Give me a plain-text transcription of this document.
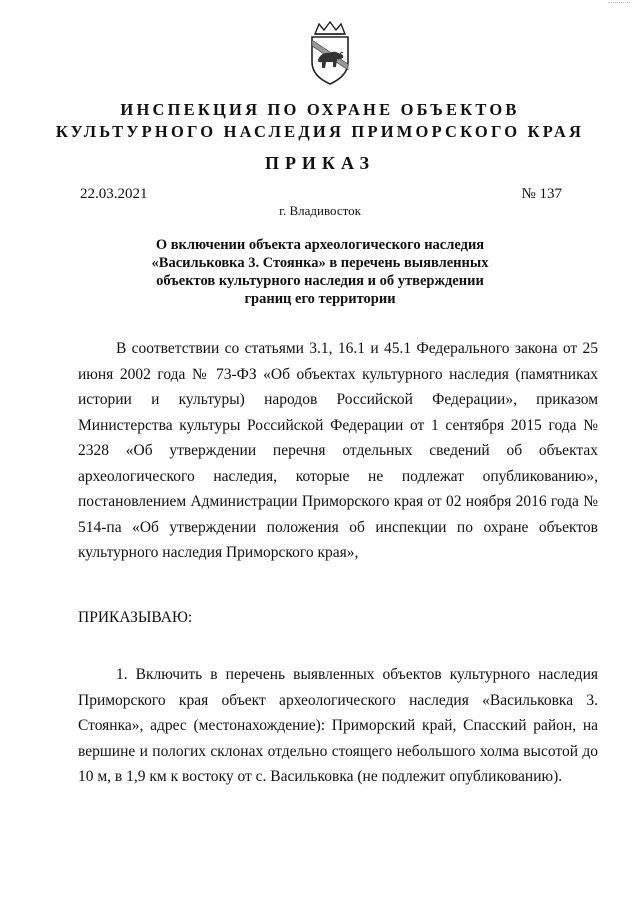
ИНСПЕКЦИЯ ПО ОХРАНЕ ОБЪЕКТОВ
КУЛЬТУРНОГО НАСЛЕДИЯ ПРИМОРСКОГО КРАЯ
ПРИКАЗ
22.03.2021	№ 137
г. Владивосток
О включении объекта археологического наследия
«Васильковка 3. Стоянка» в перечень выявленных
объектов культурного наследия и об утверждении
границ его территории

В соответствии со статьями 3.1, 16.1 и 45.1 Федерального закона от 25 июня 2002 года № 73-ФЗ «Об объектах культурного наследия (памятниках истории и культуры) народов Российской Федерации», приказом Министерства культуры Российской Федерации от 1 сентября 2015 года № 2328 «Об утверждении перечня отдельных сведений об объектах археологического наследия, которые не подлежат опубликованию», постановлением Администрации Приморского края от 02 ноября 2016 года № 514-па «Об утверждении положения об инспекции по охране объектов культурного наследия Приморского края»,

ПРИКАЗЫВАЮ:

1. Включить в перечень выявленных объектов культурного наследия Приморского края объект археологического наследия «Васильковка 3. Стоянка», адрес (местонахождение): Приморский край, Спасский район, на вершине и пологих склонах отдельно стоящего небольшого холма высотой до 10 м, в 1,9 км к востоку от с. Васильковка (не подлежит опубликованию).
